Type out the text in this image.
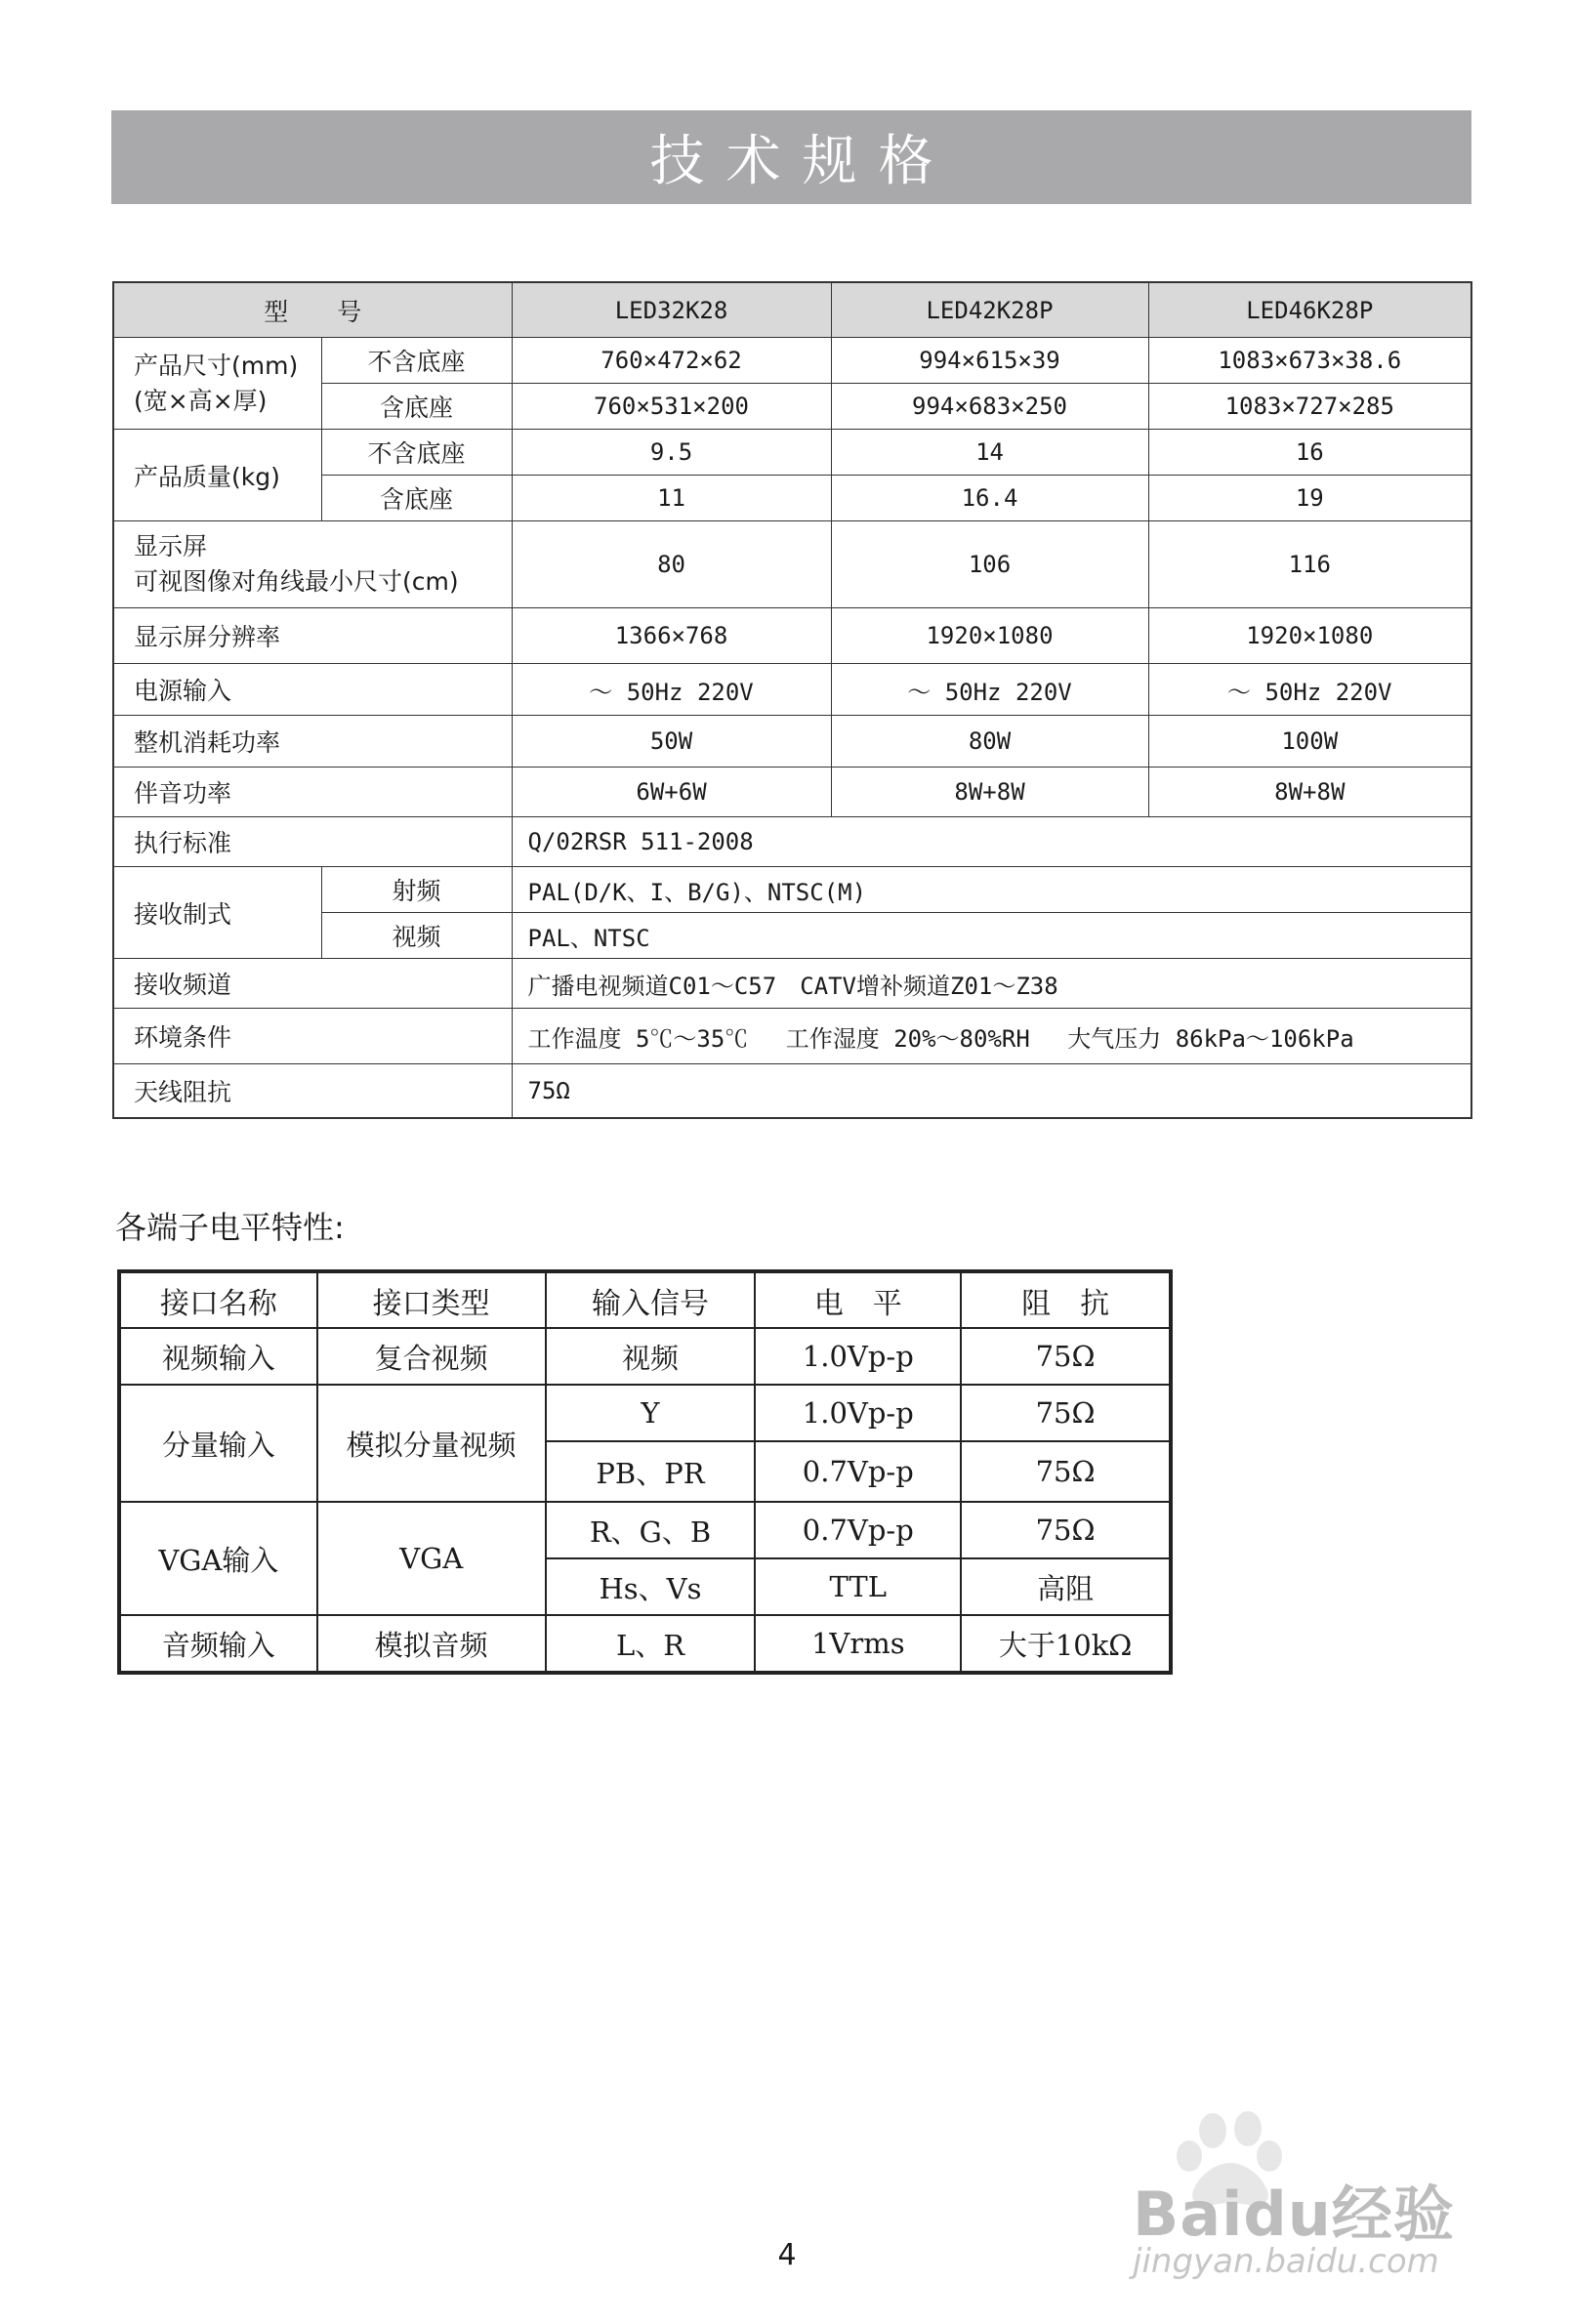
技术规格
型　　号		LED32K28	LED42K28P	LED46K28P

产品尺寸(mm)
(宽×高×厚)	不含底座	760×472×62	994×615×39	1083×673×38.6
	含底座	760×531×200	994×683×250	1083×727×285
产品质量(kg)	不含底座	9.5	14	16
	含底座	11	16.4	19

显示屏
可视图像对角线最小尺寸(cm)		80	106	116
显示屏分辨率		1366×768	1920×1080	1920×1080
电源输入		～ 50Hz 220V	～ 50Hz 220V	～ 50Hz 220V
整机消耗功率		50W	80W	100W
伴音功率		6W+6W	8W+8W	8W+8W
执行标准		Q/02RSR 511-2008		
接收制式	射频	PAL(D/K、I、B/G)、NTSC(M)		
	视频	PAL、NTSC		
接收频道		广播电视频道C01～C57　CATV增补频道Z01～Z38		
环境条件		工作温度 5℃～35℃　 工作湿度 20%～80%RH　 大气压力 86kPa～106kPa		
天线阻抗		75Ω		
各端子电平特性:
接口名称	接口类型	输入信号	电　平	阻　抗
视频输入	复合视频	视频	1.0Vp-p	75Ω
分量输入	模拟分量视频	Y	1.0Vp-p	75Ω
		PB、PR	0.7Vp-p	75Ω
VGA输入	VGA	R、G、B	0.7Vp-p	75Ω
		Hs、Vs	TTL	高阻
音频输入	模拟音频	L、R	1Vrms	大于10kΩ
Baidu经验
jingyan.baidu.com
4
